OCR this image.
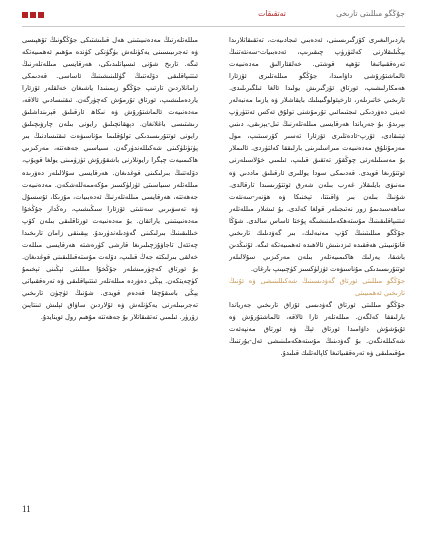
تەتقىقات	جۇڭگو مىللىتى تارىخى

ياردىرالىغىرى كۆزگىرىسىنى، ئەدەبىي ئىجادىيەت، تەتقىقاتلارىدا يېڭىلىقلارنى كەلتۈرۈپ چىقىرىپ، ئەدەبىيات-سەنئەتنىڭ تەرەققىياتىغا تۆھپە قوشتى. خەلقئارالىق مەدەنىيەت ئالماشتۇرۇشى داۋامىدا، جۇڭگو مىللەتلىرى ئۆزئارا ھەمكارلىشىپ، ئورتاق ئۆزگىرىش يولىدا ئالغا ئىلگىرىلىدى. تارىخىي خاتىرىلەر، ئارخېئولوگىيىلىك بايقاشلار ۋە يازما مەنبەلەر ئەينى دەۋردىكى ئىجتىمائىي تۇرمۇشنى تولۇق ئەكس ئەتتۈرۈپ بېرىدۇ. بۇ جەرياندا ھەرقايسى مىللەتلەرنىڭ تىل-يېزىقى، دىنىي ئېتىقادى، ئۆرپ-ئادەتلىرى ئۆزئارا تەسىر كۆرسىتىپ، مول مەزمۇنلۇق مەدەنىيەت مىراسلىرىنى بارلىققا كەلتۈردى. ئالىملار بۇ مەسىلىلەرنى چوڭقۇر تەتقىق قىلىپ، ئىلمىي خۇلاسىلەرنى ئوتتۇرىغا قويدى. قەدىمكى سودا يوللىرى ئارقىلىق ماددىي ۋە مەنىۋى بايلىقلار غەرب بىلەن شەرق ئوتتۇرىسىدا تارقالدى. شۇنىڭ بىلەن بىر ۋاقىتتا، تېخنىكا ۋە ھۈنەر-سەنئەت ساھەسىدىمۇ زور نەتىجىلەر قولغا كەلدى. بۇ ئىشلار مىللەتلەر ئىتتىپاقلىقىنىڭ مۇستەھكەملىنىشىگە پۇختا ئاساس سالدى. شۇڭا جۇڭگو مىللىتىنىڭ كۆپ مەنبەلىك، بىر گەۋدىلىك تارىخىي قانۇنىيىتى ھەققىدە ئىزدىنىش ئالاھىدە ئەھمىيەتكە ئىگە. ئۇنىڭدىن باشقا، يەرلىك ھاكىمىيەتلەر بىلەن مەركىزىي سۇلالىلەر ئوتتۇرىسىدىكى مۇناسىۋەت ئۈزلۈكسىز كۈچىيىپ بارغان.

جۇڭگو مىللىتى ئورتاق گەۋدىسىنىڭ شەكىللىنىشى ۋە ئۇنىڭ تارىخىي ئەھمىيىتى

جۇڭگو مىللىتى ئورتاق گەۋدىسى ئۇزاق تارىخىي جەرياندا بارلىققا كەلگەن. مىللەتلەر ئارا ئالاقە، ئالماشتۇرۇش ۋە ئۇيۇشۇش داۋامىدا ئورتاق ئېڭ ۋە ئورتاق مەنپەئەت شەكىللەنگەن. بۇ گەۋدىنىڭ مۇستەھكەملىنىشى ئەل-يۇرتنىڭ مۇقىملىقى ۋە تەرەققىياتىغا كاپالەتلىك قىلىدۇ.

مىللەتلەرنىڭ مەدەنىيىتىنى ھەل قىلىشتىكى جۇڭگونىڭ تۆھپىسى ۋە تەجرىبىسىنى يەكۈنلەش بۈگۈنكى كۈندە مۇھىم ئەھمىيەتكە ئىگە. تارىخ شۇنى ئىسپاتلىدىكى، ھەرقايسى مىللەتلەرنىڭ ئىتتىپاقلىقى دۆلەتنىڭ گۈللىنىشىنىڭ ئاساسى. قەدىمكى زامانلاردىن تارتىپ جۇڭگو زېمىنىدا ياشىغان خەلقلەر ئۆزئارا ياردەملىشىپ، ئورتاق تۇرمۇش كەچۈرگەن. ئىقتىسادىي ئالاقە، مەدەنىيەت ئالماشتۇرۇش ۋە نىكاھ ئارقىلىق قېرىنداشلىق رىشتىسى باغلانغان. دېھقانچىلىق رايونى بىلەن چارۋىچىلىق رايونى ئوتتۇرىسىدىكى تولۇقلىما مۇناسىۋەت ئىقتىسادنىڭ بىر پۈتۈنلۈكىنى شەكىللەندۈرگەن. سىياسىي جەھەتتە، مەركىزىي ھاكىمىيەت چېگرا رايونلارنى باشقۇرۇش تۈزۈمىنى يولغا قويۇپ، دۆلەتنىڭ بىرلىكىنى قوغدىغان. ھەرقايسى سۇلالىلەر دەۋرىدە مىللەتلەر سىياسىتى ئۈزلۈكسىز مۇكەممەللەشكەن. مەدەنىيەت جەھەتتە، ھەرقايسى مىللەتلەرنىڭ ئەدەبىيات، مۇزىكا، ئۇسسۇل ۋە تەسۋىرىي سەنئىتى ئۆزئارا سىڭىشىپ، رەڭدار جۇڭخۇا مەدەنىيىتىنى ياراتقان. بۇ مەدەنىيەت ئورتاقلىقى بىلەن كۆپ خىللىقىنىڭ بىرلىكىنى گەۋدىلەندۈرىدۇ. يېقىنقى زامان تارىخىدا چەتئەل تاجاۋۇزچىلىرىغا قارشى كۈرەشتە ھەرقايسى مىللەت خەلقى بىرلىكتە جەڭ قىلىپ، دۆلەت مۇستەقىللىقىنى قوغدىغان. بۇ ئورتاق كەچۈرمىشلەر جۇڭخۇا مىللىتى ئېڭىنى تېخىمۇ كۈچەيتكەن. يېڭى دەۋردە مىللەتلەر ئىتتىپاقلىقى ۋە تەرەققىياتى يېڭى باسقۇچقا قەدەم قويدى. شۇنىڭ ئۈچۈن تارىخىي تەجرىبىلەرنى يەكۈنلەش ۋە ئۇلاردىن ساۋاق ئېلىش ئىنتايىن زۆرۈر. ئىلمىي تەتقىقاتلار بۇ جەھەتتە مۇھىم رول ئوينايدۇ.

11
